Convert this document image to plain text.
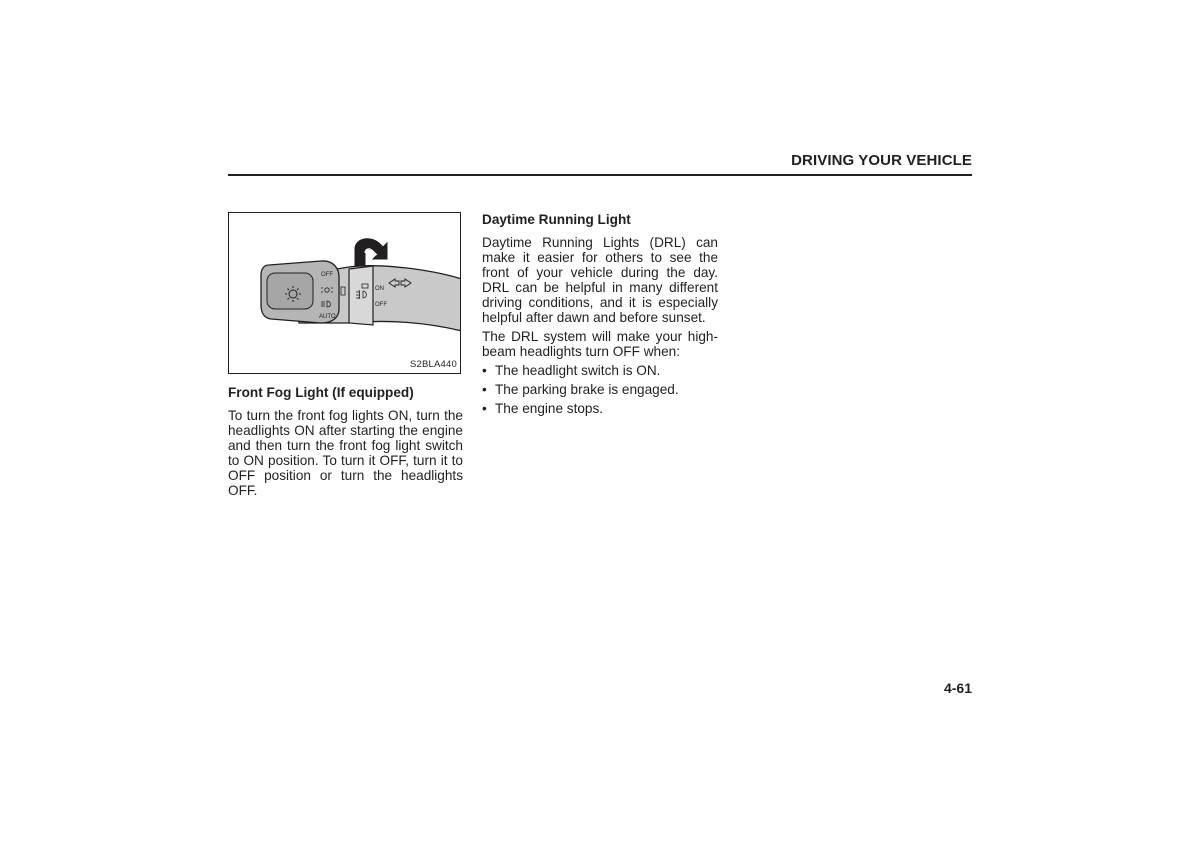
DRIVING YOUR VEHICLE
OFF
AUTO
ON
OFF
S2BLA440

Front Fog Light (If equipped)

To turn the front fog lights ON, turn the headlights ON after starting the engine and then turn the front fog light switch to ON position. To turn it OFF, turn it to OFF position or turn the headlights OFF.

Daytime Running Light

Daytime Running Lights (DRL) can make it easier for others to see the front of your vehicle during the day. DRL can be helpful in many different driving conditions, and it is especially helpful after dawn and before sunset.

The DRL system will make your high-beam headlights turn OFF when:

• The headlight switch is ON.
• The parking brake is engaged.
• The engine stops.

4-61
